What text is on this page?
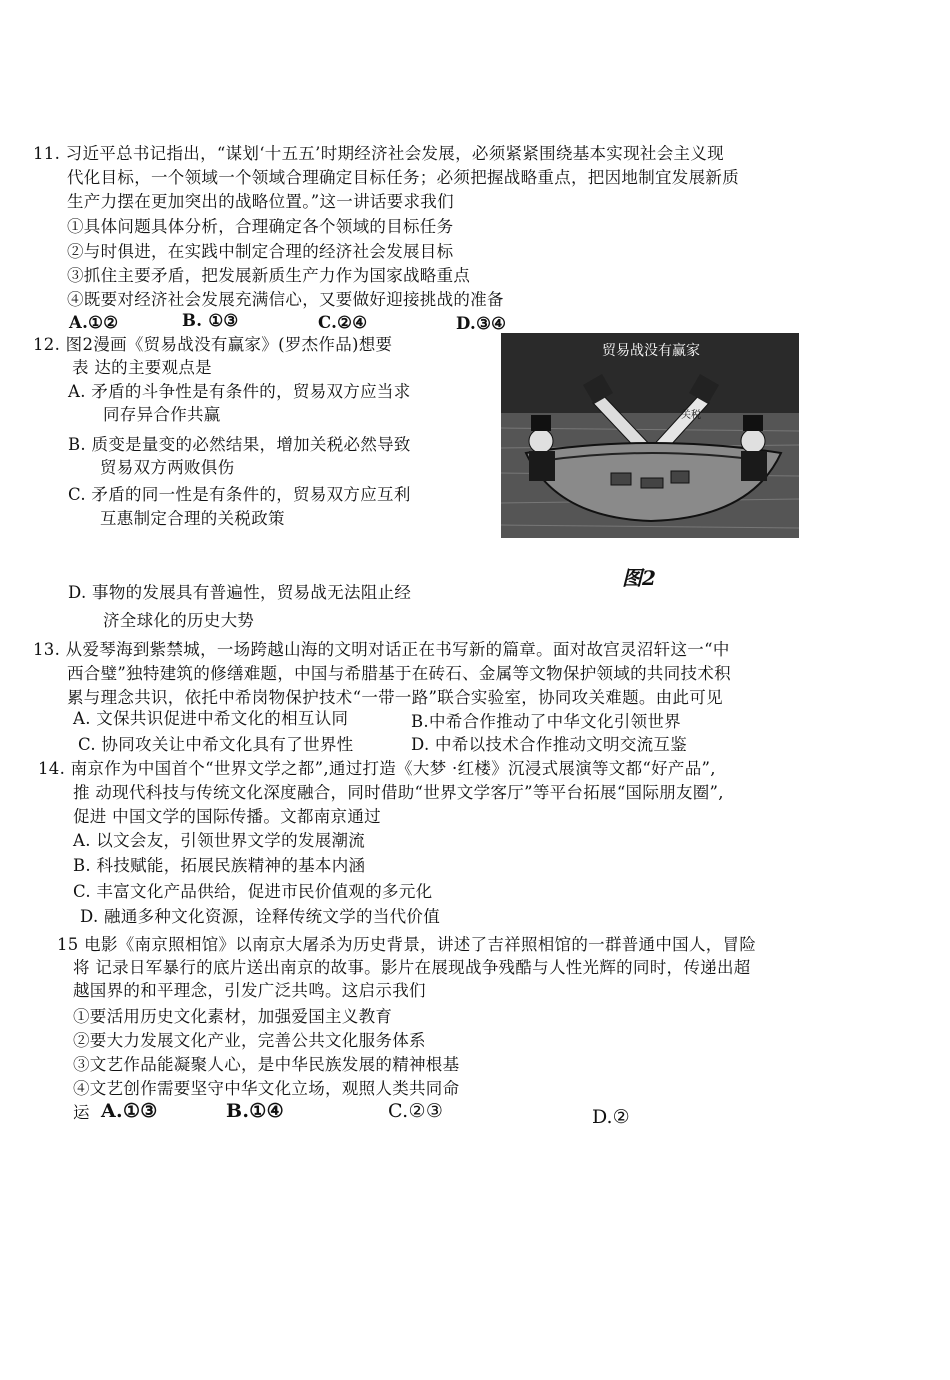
11. 习近平总书记指出，“谋划‘十五五’时期经济社会发展，必须紧紧围绕基本实现社会主义现
代化目标，一个领域一个领域合理确定目标任务；必须把握战略重点，把因地制宜发展新质
生产力摆在更加突出的战略位置。”这一讲话要求我们
①具体问题具体分析，合理确定各个领域的目标任务
②与时俱进，在实践中制定合理的经济社会发展目标
③抓住主要矛盾，把发展新质生产力作为国家战略重点
④既要对经济社会发展充满信心，又要做好迎接挑战的准备
A.①②	B. ①③	C.②④	D.③④
12. 图2漫画《贸易战没有赢家》(罗杰作品)想要
表 达的主要观点是
A. 矛盾的斗争性是有条件的，贸易双方应当求
同存异合作共赢
B. 质变是量变的必然结果，增加关税必然导致
贸易双方两败俱伤
C. 矛盾的同一性是有条件的，贸易双方应互利
互惠制定合理的关税政策
D. 事物的发展具有普遍性，贸易战无法阻止经
济全球化的历史大势
贸易战没有赢家
关税
图2
13. 从爱琴海到紫禁城，一场跨越山海的文明对话正在书写新的篇章。面对故宫灵沼轩这一“中
西合璧”独特建筑的修缮难题，中国与希腊基于在砖石、金属等文物保护领域的共同技术积
累与理念共识，依托中希岗物保护技术“一带一路”联合实验室，协同攻关难题。由此可见
A. 文保共识促进中希文化的相互认同	B.中希合作推动了中华文化引领世界
C. 协同攻关让中希文化具有了世界性	D. 中希以技术合作推动文明交流互鉴
14. 南京作为中国首个“世界文学之都”,通过打造《大梦 ·红楼》沉浸式展演等文都“好产品”,
推 动现代科技与传统文化深度融合，同时借助“世界文学客厅”等平台拓展“国际朋友圈”,
促进 中国文学的国际传播。文都南京通过
A. 以文会友，引领世界文学的发展潮流
B. 科技赋能，拓展民族精神的基本内涵
C. 丰富文化产品供给，促进市民价值观的多元化
D. 融通多种文化资源，诠释传统文学的当代价值
15 电影《南京照相馆》以南京大屠杀为历史背景，讲述了吉祥照相馆的一群普通中国人，冒险
将 记录日军暴行的底片送出南京的故事。影片在展现战争残酷与人性光辉的同时，传递出超
越国界的和平理念，引发广泛共鸣。这启示我们
①要活用历史文化素材，加强爱国主义教育
②要大力发展文化产业，完善公共文化服务体系
③文艺作品能凝聚人心，是中华民族发展的精神根基
④文艺创作需要坚守中华文化立场，观照人类共同命
运 A.①③	B.①④	C.②③	D.②
